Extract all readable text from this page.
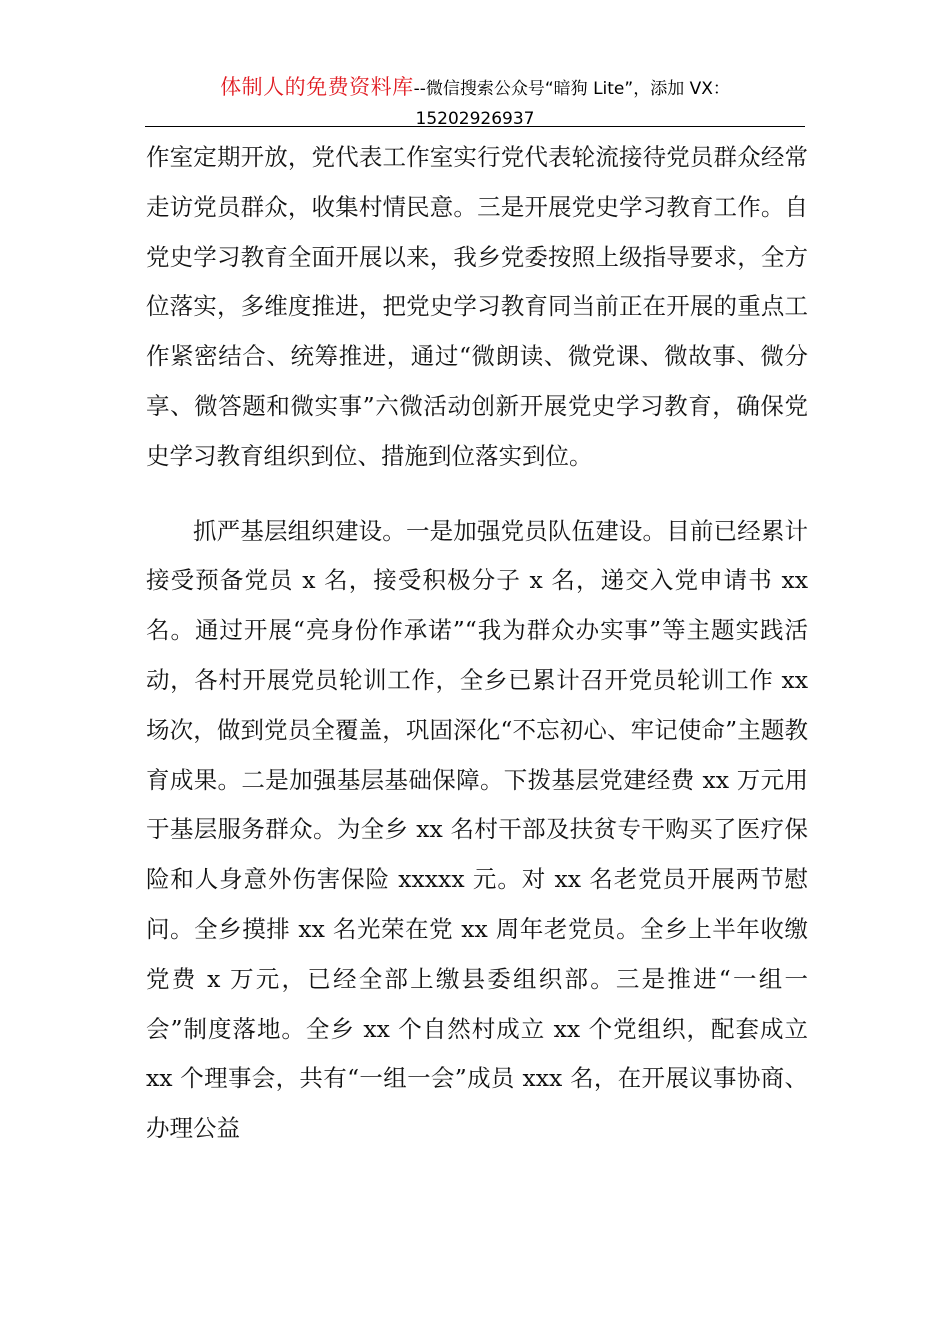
体制人的免费资料库--微信搜索公众号“暗狗 Lite”，添加 VX：
15202926937

作室定期开放，党代表工作室实行党代表轮流接待党员群众经常走访党员群众，收集村情民意。三是开展党史学习教育工作。自党史学习教育全面开展以来，我乡党委按照上级指导要求，全方位落实，多维度推进，把党史学习教育同当前正在开展的重点工作紧密结合、统筹推进，通过“微朗读、微党课、微故事、微分享、微答题和微实事”六微活动创新开展党史学习教育，确保党史学习教育组织到位、措施到位落实到位。

抓严基层组织建设。一是加强党员队伍建设。目前已经累计接受预备党员 x 名，接受积极分子 x 名，递交入党申请书 xx 名。通过开展“亮身份作承诺”“我为群众办实事”等主题实践活动，各村开展党员轮训工作，全乡已累计召开党员轮训工作 xx 场次，做到党员全覆盖，巩固深化“不忘初心、牢记使命”主题教育成果。二是加强基层基础保障。下拨基层党建经费 xx 万元用于基层服务群众。为全乡 xx 名村干部及扶贫专干购买了医疗保险和人身意外伤害保险 xxxxx 元。对 xx 名老党员开展两节慰问。全乡摸排 xx 名光荣在党 xx 周年老党员。全乡上半年收缴党费 x 万元，已经全部上缴县委组织部。三是推进“一组一会”制度落地。全乡 xx 个自然村成立 xx 个党组织，配套成立 xx 个理事会，共有“一组一会”成员 xxx 名，在开展议事协商、办理公益
